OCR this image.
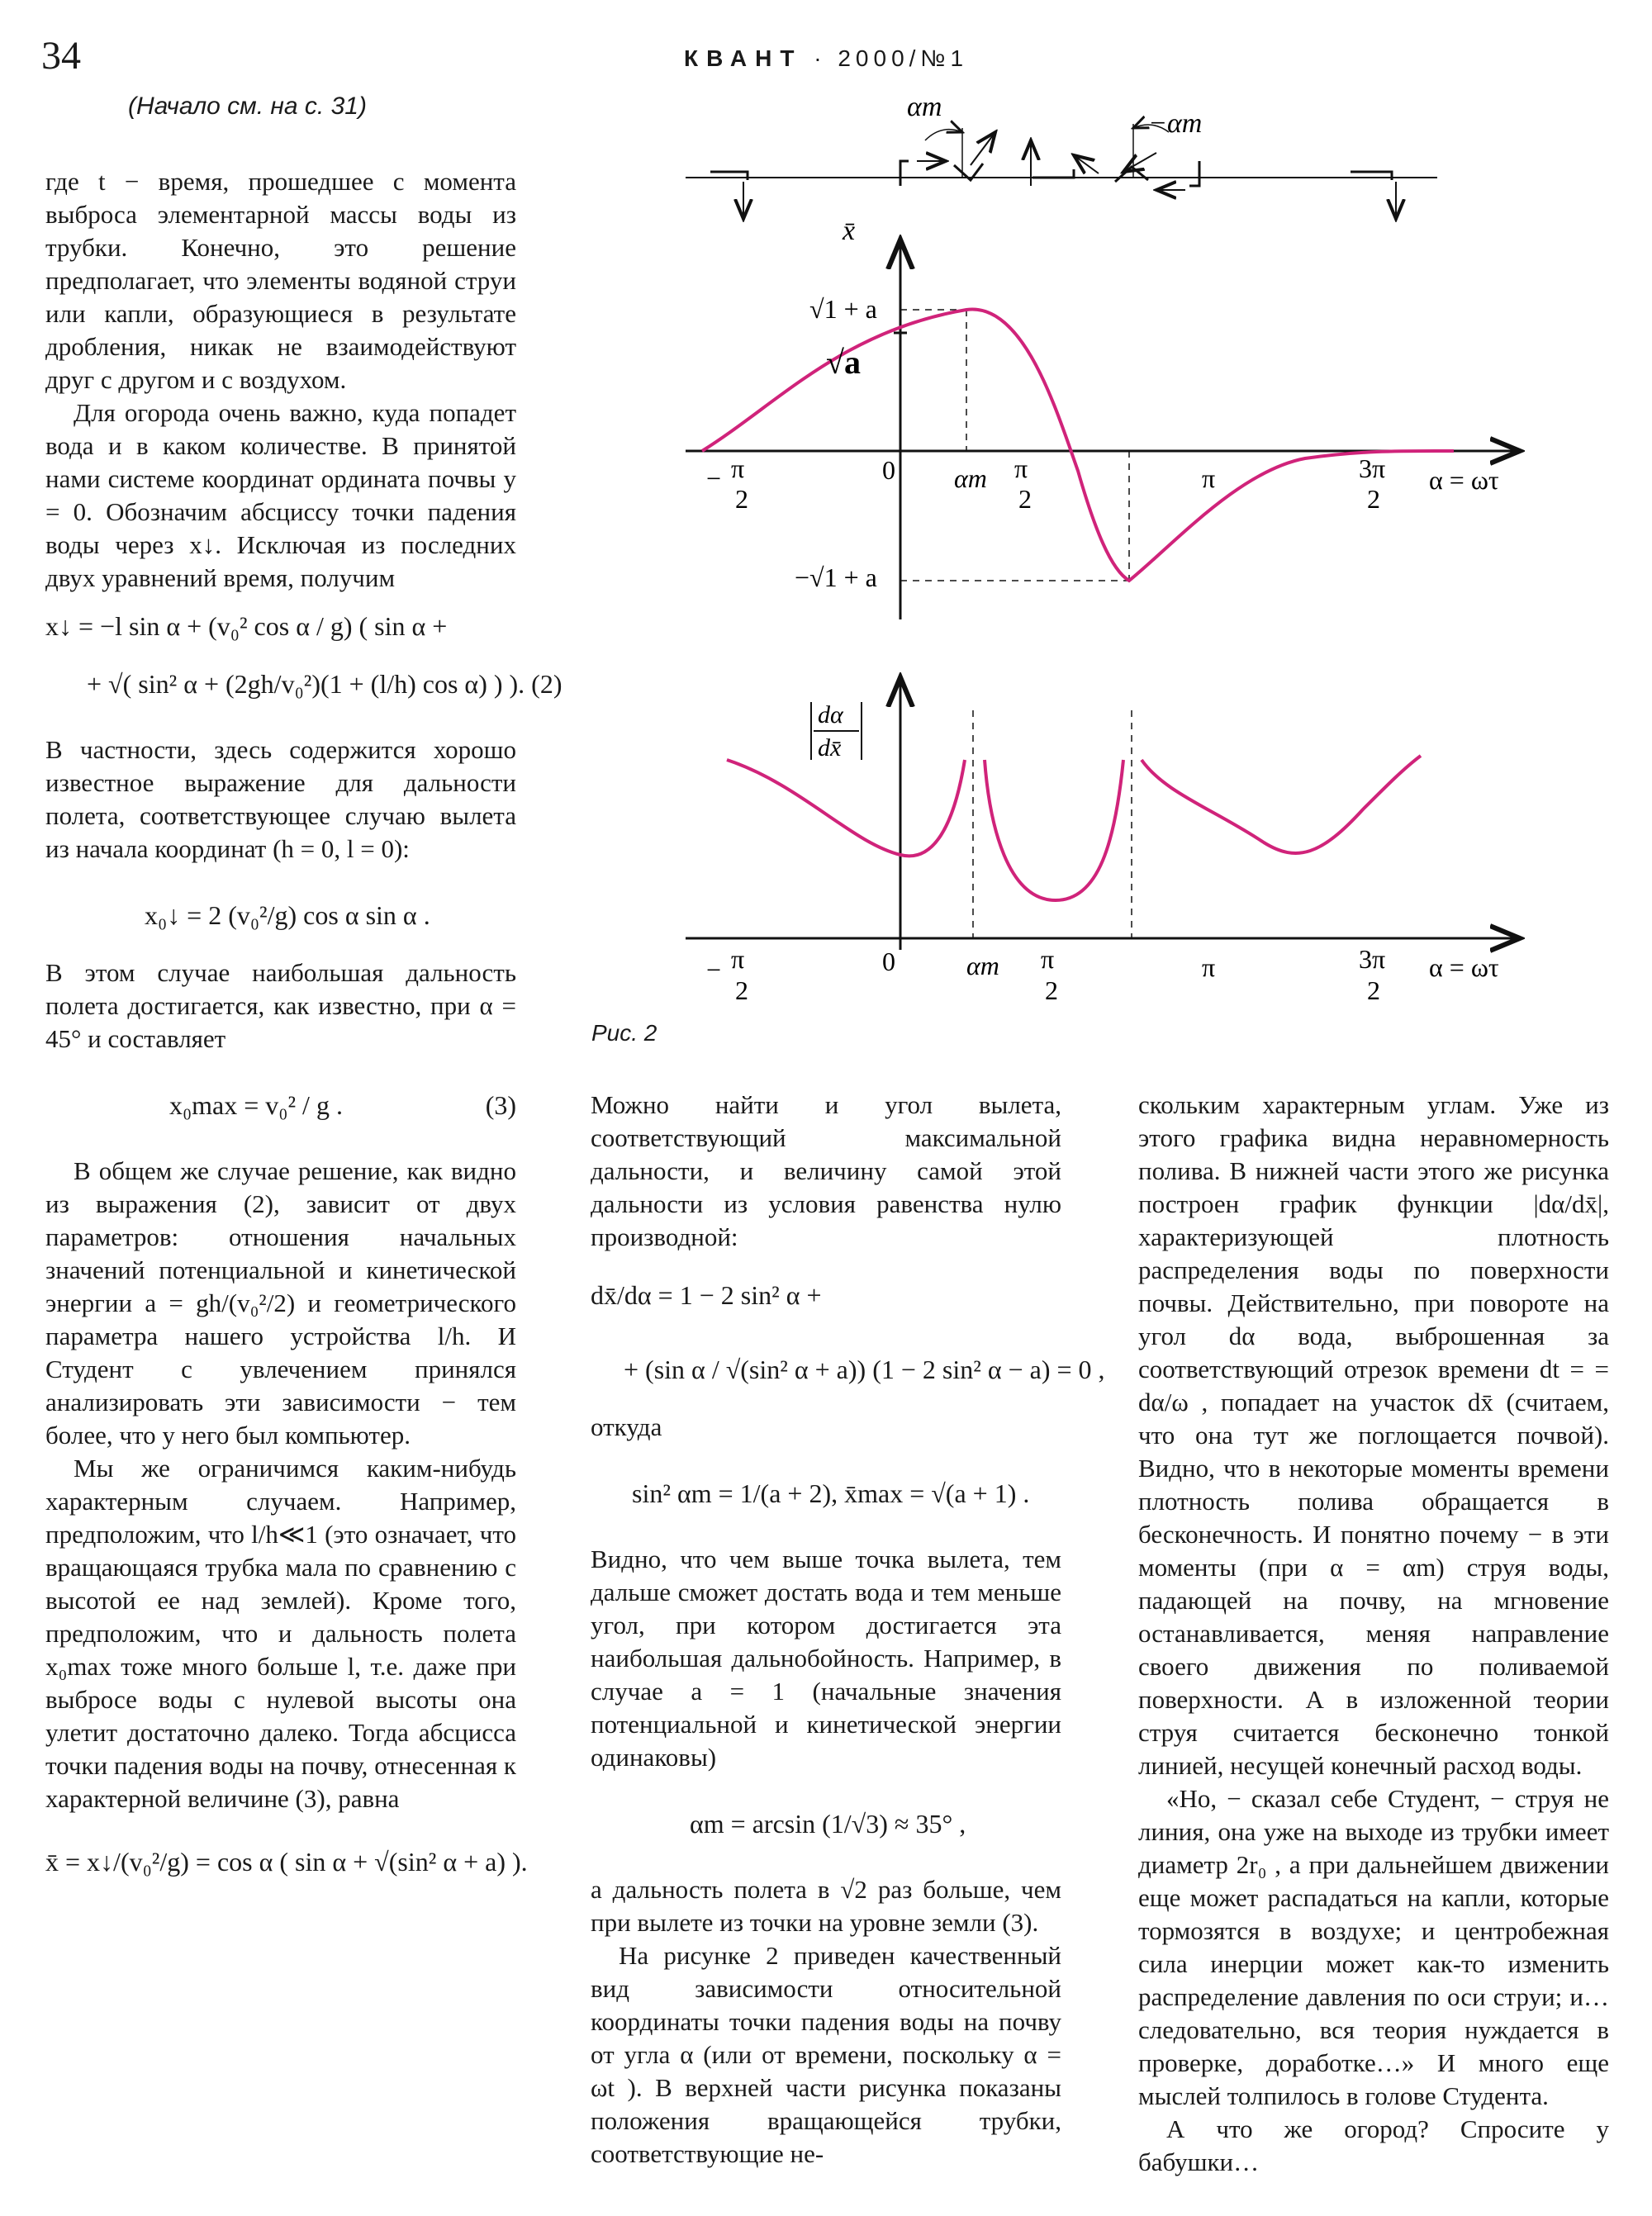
34	КВАНТ · 2000/№1
(Начало см. на с. 31)

где t − время, прошедшее с момента выброса элементарной массы воды из трубки. Конечно, это решение предполагает, что элементы водяной струи или капли, образующиеся в результате дробления, никак не взаимодействуют друг с другом и с воздухом.

Для огорода очень важно, куда попадет вода и в каком количестве. В принятой нами системе координат ордината почвы y = 0. Обозначим абсциссу точки падения воды через x↓. Исключая из последних двух уравнений время, получим

x↓ = −l sin α + (v₀² cos α / g) ( sin α +
+ √( sin² α + (2gh/v₀²)(1 + (l/h) cos α) ) ). (2)

В частности, здесь содержится хорошо известное выражение для дальности полета, соответствующее случаю вылета из начала координат (h = 0, l = 0):

x₀↓ = 2 (v₀²/g) cos α sin α .

В этом случае наибольшая дальность полета достигается, как известно, при α = 45° и составляет

x₀max = v₀² / g .	(3)

В общем же случае решение, как видно из выражения (2), зависит от двух параметров: отношения начальных значений потенциальной и кинетической энергии a = gh/(v₀²/2) и геометрического параметра нашего устройства l/h. И Студент с увлечением принялся анализировать эти зависимости − тем более, что у него был компьютер.

Мы же ограничимся каким-нибудь характерным случаем. Например, предположим, что l/h≪1 (это означает, что вращающаяся трубка мала по сравнению с высотой ее над землей). Кроме того, предположим, что и дальность полета x₀max тоже много больше l, т.е. даже при выбросе воды с нулевой высоты она улетит достаточно далеко. Тогда абсцисса точки падения воды на почву, отнесенная к характерной величине (3), равна

x̄ = x↓/(v₀²/g) = cos α ( sin α + √(sin² α + a) ).
αm
−αm
x̄
√1 + a
√a
−√1 + a
0 αm
− π
2
π
2
π	3π
2
α = ωτ
dα
dx̄
0	αm
− π
2
π
2
π	3π
2
α = ωτ
Рис. 2

Можно найти и угол вылета, соответствующий максимальной дальности, и величину самой этой дальности из условия равенства нулю производной:

dx̄/dα = 1 − 2 sin² α +
+ (sin α / √(sin² α + a)) (1 − 2 sin² α − a) = 0 ,

откуда

sin² αm = 1/(a + 2), x̄max = √(a + 1) .

Видно, что чем выше точка вылета, тем дальше сможет достать вода и тем меньше угол, при котором достигается эта наибольшая дальнобойность. Например, в случае a = 1 (начальные значения потенциальной и кинетической энергии одинаковы)

αm = arcsin (1/√3) ≈ 35° ,

а дальность полета в √2 раз больше, чем при вылете из точки на уровне земли (3).

На рисунке 2 приведен качественный вид зависимости относительной координаты точки падения воды на почву от угла α (или от времени, поскольку α = ωt ). В верхней части рисунка показаны положения вращающейся трубки, соответствующие не-

скольким характерным углам. Уже из этого графика видна неравномерность полива. В нижней части этого же рисунка построен график функции |dα/dx̄|, характеризующей плотность распределения воды по поверхности почвы. Действительно, при повороте на угол dα вода, выброшенная за соответствующий отрезок времени dt = = dα/ω , попадает на участок dx̄ (считаем, что она тут же поглощается почвой). Видно, что в некоторые моменты времени плотность полива обращается в бесконечность. И понятно почему − в эти моменты (при α = αm) струя воды, падающей на почву, на мгновение останавливается, меняя направление своего движения по поливаемой поверхности. А в изложенной теории струя считается бесконечно тонкой линией, несущей конечный расход воды.

«Но, − сказал себе Студент, − струя не линия, она уже на выходе из трубки имеет диаметр 2r₀ , а при дальнейшем движении еще может распадаться на капли, которые тормозятся в воздухе; и центробежная сила инерции может как-то изменить распределение давления по оси струи; и… следовательно, вся теория нуждается в проверке, доработке…» И много еще мыслей толпилось в голове Студента.

А что же огород? Спросите у бабушки…
